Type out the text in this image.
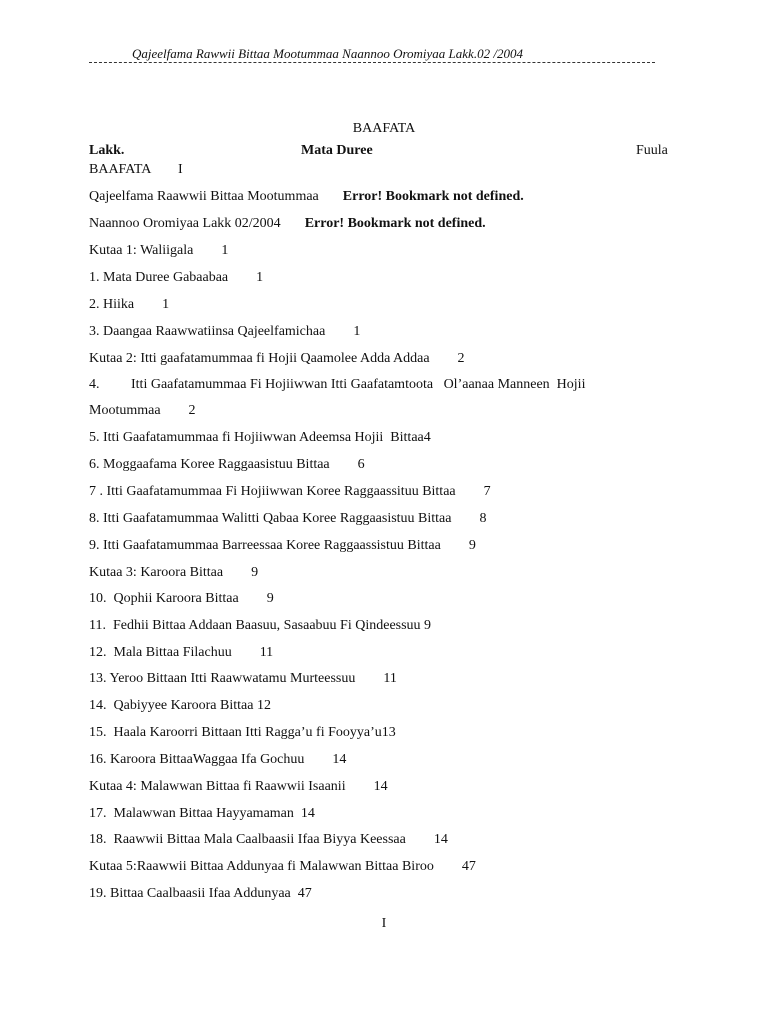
Qajeelfama Rawwii Bittaa Mootummaa Naannoo Oromiyaa Lakk.02 /2004
BAAFATA
Lakk.	Mata Duree	Fuula
BAAFATA I
Qajeelfama Raawwii Bittaa Mootummaa Error! Bookmark not defined.
Naannoo Oromiyaa Lakk 02/2004 Error! Bookmark not defined.
Kutaa 1: Waliigala 1
1. Mata Duree Gabaabaa 1
2. Hiika 1
3. Daangaa Raawwatiinsa Qajeelfamichaa 1
Kutaa 2: Itti gaafatamummaa fi Hojii Qaamolee Adda Addaa 2
4.         Itti Gaafatamummaa Fi Hojiiwwan Itti Gaafatamtoota   Ol’aanaa Manneen  Hojii
Mootummaa 2
5. Itti Gaafatamummaa fi Hojiiwwan Adeemsa Hojii  Bittaa4
6. Moggaafama Koree Raggaasistuu Bittaa 6
7 . Itti Gaafatamummaa Fi Hojiiwwan Koree Raggaassituu Bittaa 7
8. Itti Gaafatamummaa Walitti Qabaa Koree Raggaasistuu Bittaa 8
9. Itti Gaafatamummaa Barreessaa Koree Raggaassistuu Bittaa 9
Kutaa 3: Karoora Bittaa 9
10.  Qophii Karoora Bittaa 9
11.  Fedhii Bittaa Addaan Baasuu, Sasaabuu Fi Qindeessuu 9
12.  Mala Bittaa Filachuu 11
13. Yeroo Bittaan Itti Raawwatamu Murteessuu 11
14.  Qabiyyee Karoora Bittaa 12
15.  Haala Karoorri Bittaan Itti Ragga’u fi Fooyya’u13
16. Karoora BittaaWaggaa Ifa Gochuu 14
Kutaa 4: Malawwan Bittaa fi Raawwii Isaanii 14
17.  Malawwan Bittaa Hayyamaman  14
18.  Raawwii Bittaa Mala Caalbaasii Ifaa Biyya Keessaa 14
Kutaa 5:Raawwii Bittaa Addunyaa fi Malawwan Bittaa Biroo 47
19. Bittaa Caalbaasii Ifaa Addunyaa  47
I
